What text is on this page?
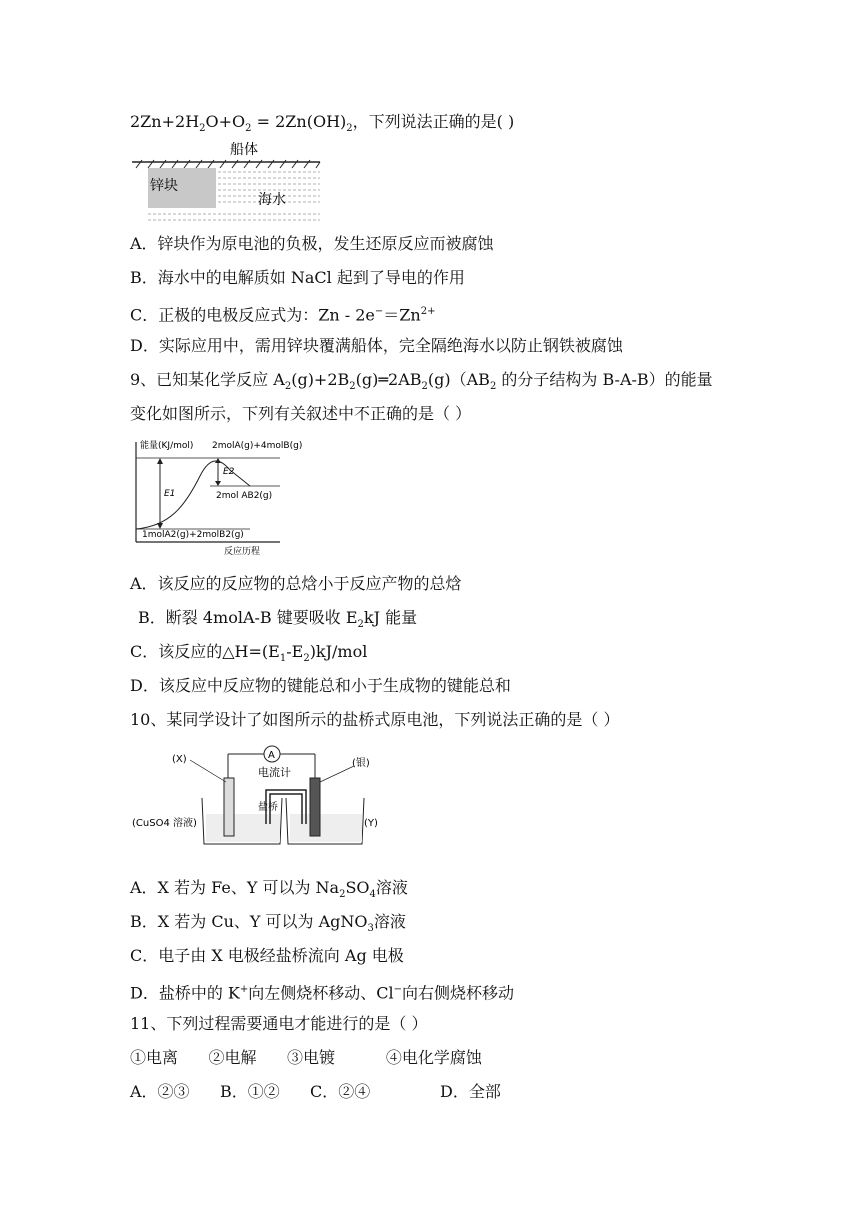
$2Zn+2H_2O+O_2 = 2Zn(OH)_2$，下列说法正确的是( )
船体
锌块
海水
A．锌块作为原电池的负极，发生还原反应而被腐蚀
B．海水中的电解质如 NaCl 起到了导电的作用
C．正极的电极反应式为：$Zn - 2e^-=Zn^{2+}$
D．实际应用中，需用锌块覆满船体，完全隔绝海水以防止钢铁被腐蚀
9、已知某化学反应 $A_2(g)+2B_2(g)═2AB_2(g)(AB_2$ 的分子结构为 B-A-B）的能量
变化如图所示，下列有关叙述中不正确的是（ ）
能量(KJ/mol) 2molA(g)+4molB(g)
E1
E2
2mol AB2(g)
1molA2(g)+2molB2(g)
反应历程
A．该反应的反应物的总焓小于反应产物的总焓
B．断裂 4molA-B 键要吸收 $E_2kJ$ 能量
C．该反应的$\triangle H=(E_1-E_2)kJ$/mol
D．该反应中反应物的键能总和小于生成物的键能总和
10、某同学设计了如图所示的盐桥式原电池，下列说法正确的是（ ）
(X)	(银)
A
电流计
盐桥
(CuSO4 溶液)	(Y)
A．X 若为 Fe、Y 可以为 $Na_2SO_4$溶液
B．X 若为 Cu、Y 可以为 AgNO$_3$溶液
C．电子由 X 电极经盐桥流向 Ag 电极
D．盐桥中的 K+向左侧烧杯移动、Cl−向右侧烧杯移动
11、下列过程需要通电才能进行的是（ ）
①电离      ②电解      ③电镀          ④电化学腐蚀
A．②③ B．①② C．②④	D．全部
